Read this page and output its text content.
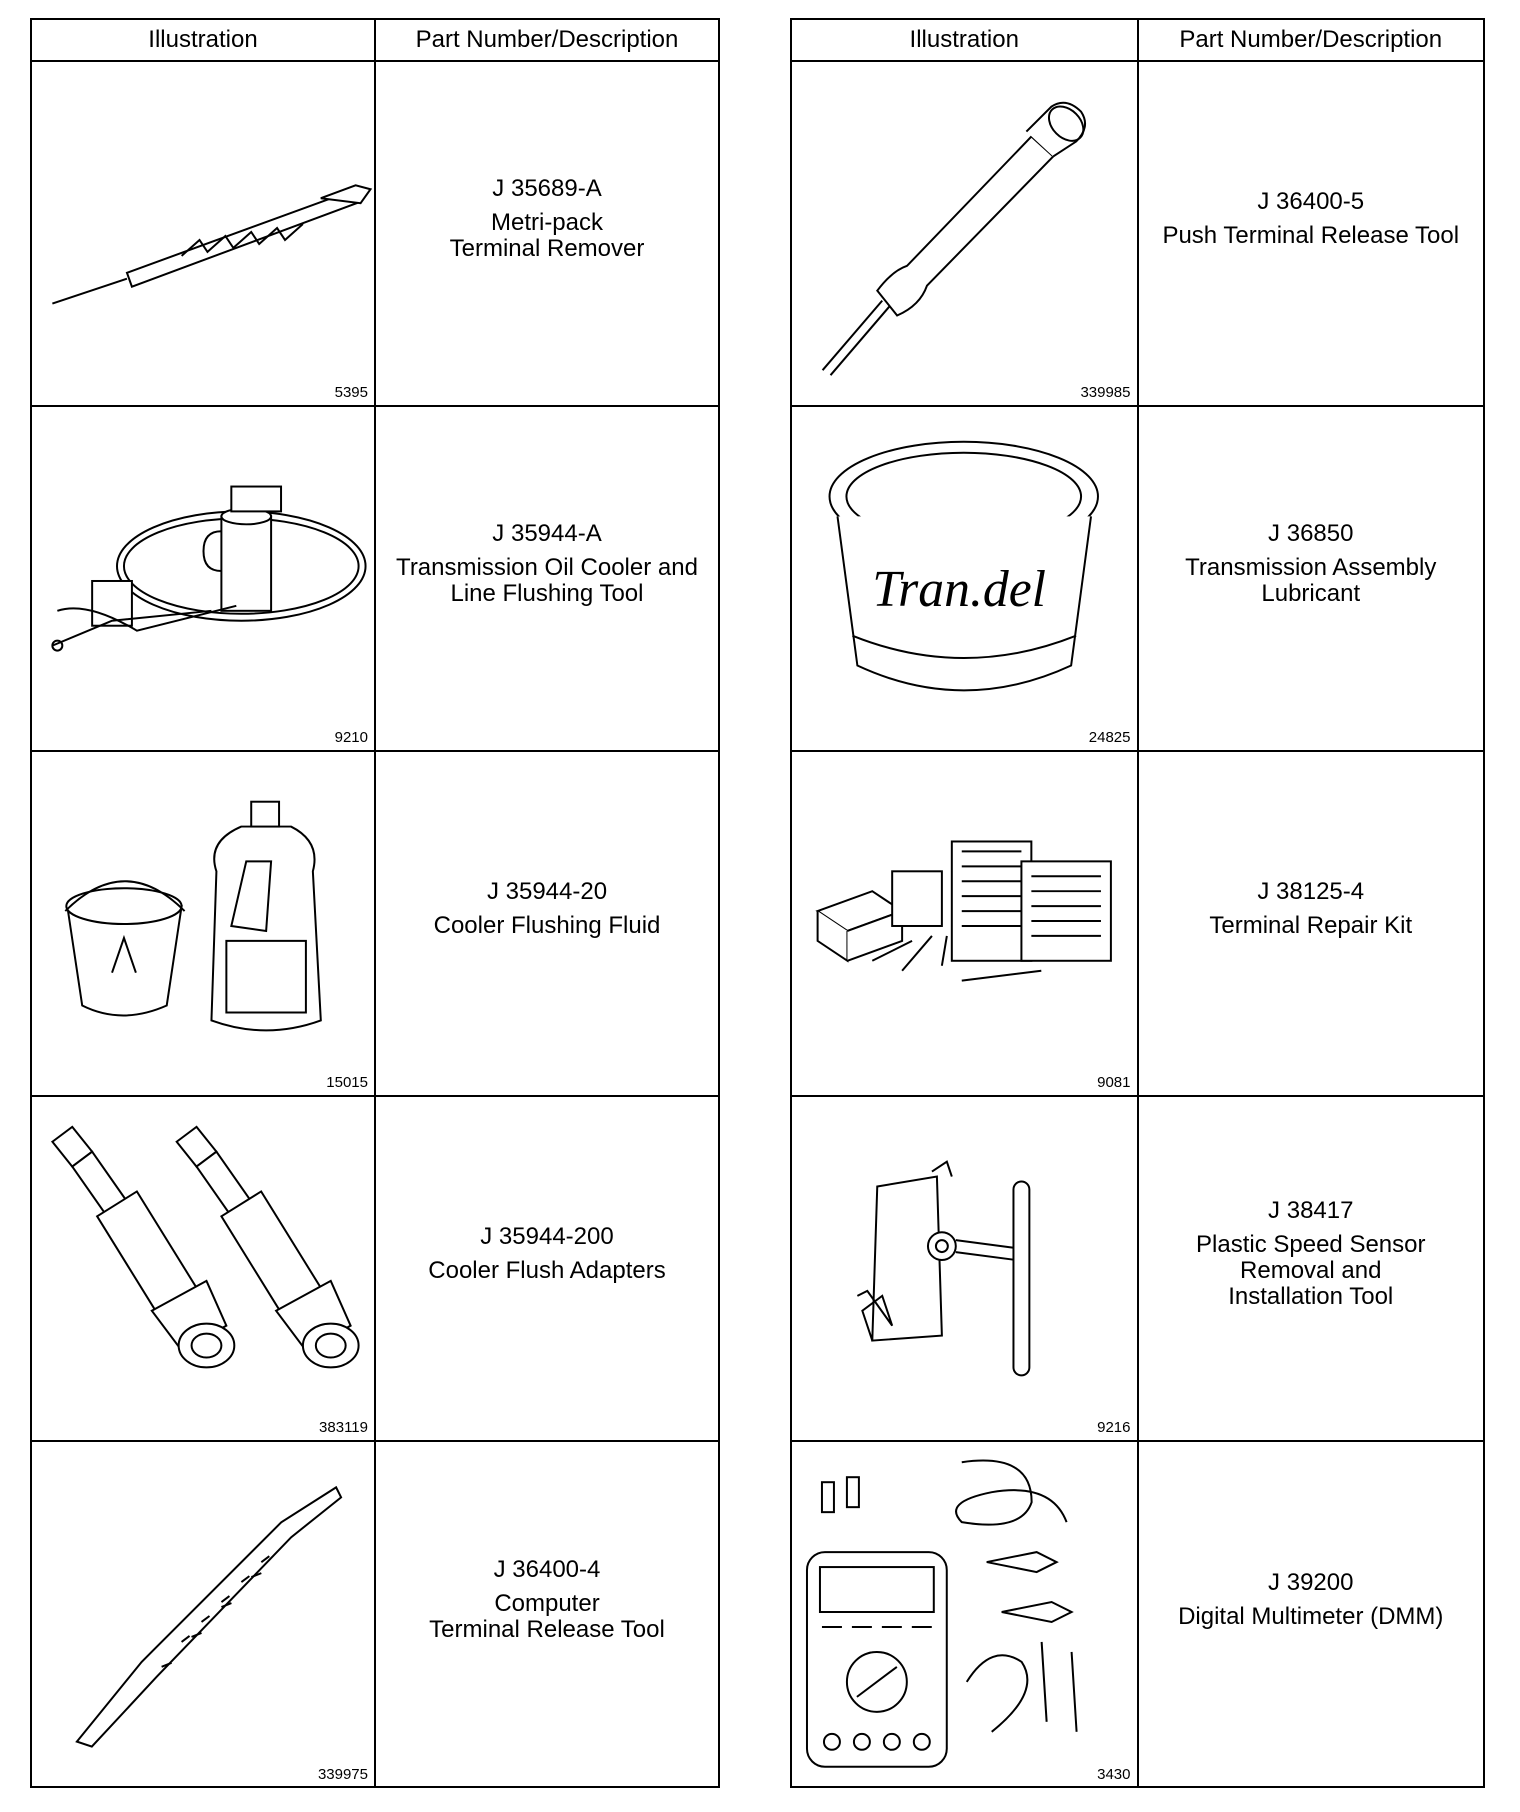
Illustration	Part Number/Description
5395
J 35689-A
Metri-pack
Terminal Remover
9210
J 35944-A
Transmission Oil Cooler and
Line Flushing Tool
15015
J 35944-20
Cooler Flushing Fluid
383119
J 35944-200
Cooler Flush Adapters
339975
J 36400-4
Computer
Terminal Release Tool
Illustration	Part Number/Description
339985
J 36400-5
Push Terminal Release Tool
Tran.del
24825
J 36850
Transmission Assembly
Lubricant
9081
J 38125-4
Terminal Repair Kit
9216
J 38417
Plastic Speed Sensor
Removal and
Installation Tool
3430
J 39200
Digital Multimeter (DMM)
